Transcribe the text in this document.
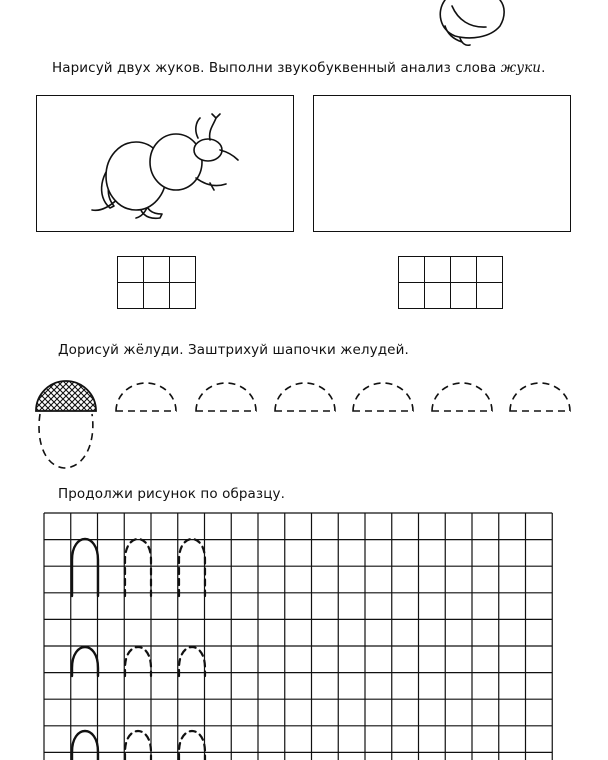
Нарисуй двух жуков. Выполни звукобуквенный анализ слова жуки.
Дорисуй жёлуди. Заштрихуй шапочки желудей.
Продолжи рисунок по образцу.
